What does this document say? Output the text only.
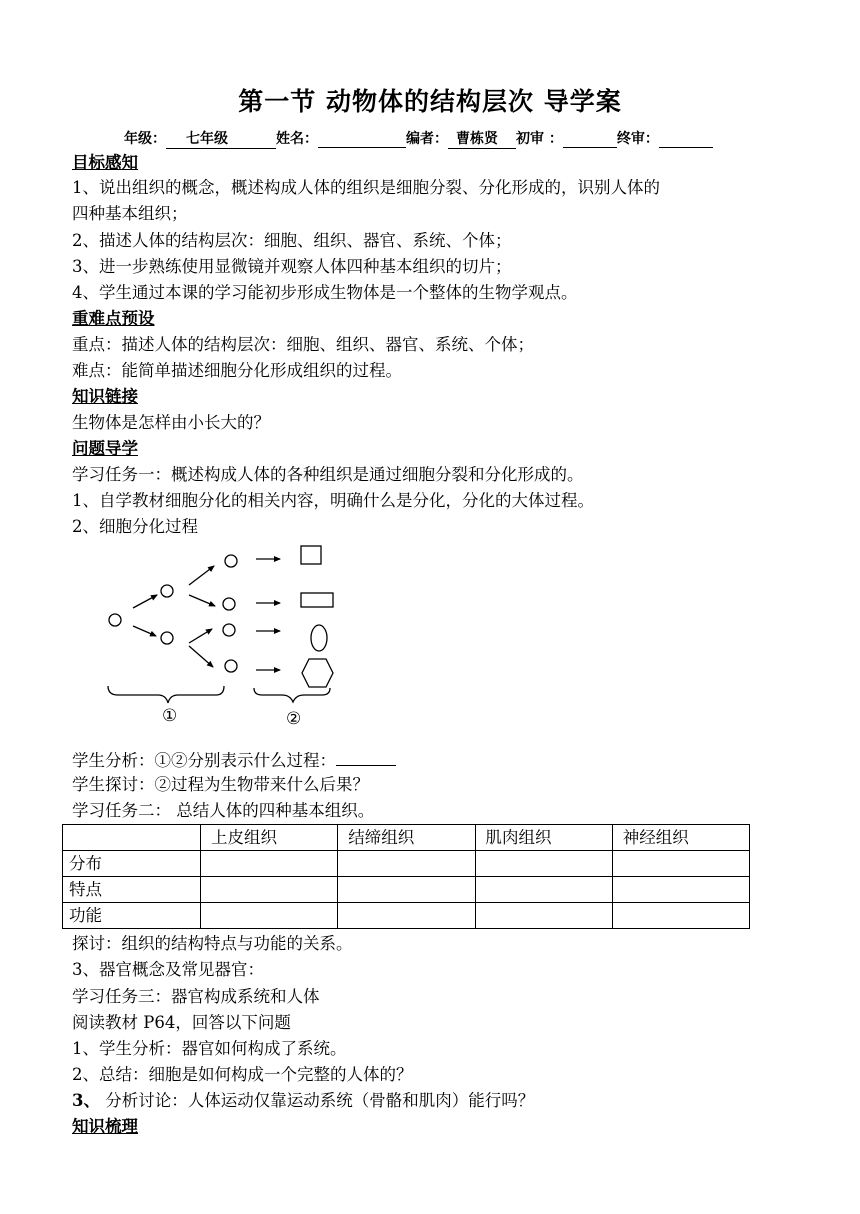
第一节 动物体的结构层次 导学案
年级： 七年级	姓名：	编者： 曹栋贤 初审 ：	终审：
目标感知
1、说出组织的概念，概述构成人体的组织是细胞分裂、分化形成的，识别人体的
四种基本组织；
2、描述人体的结构层次：细胞、组织、器官、系统、个体；
3、进一步熟练使用显微镜并观察人体四种基本组织的切片；
4、学生通过本课的学习能初步形成生物体是一个整体的生物学观点。
重难点预设
重点：描述人体的结构层次：细胞、组织、器官、系统、个体；
难点：能简单描述细胞分化形成组织的过程。
知识链接
生物体是怎样由小长大的？
问题导学
学习任务一：概述构成人体的各种组织是通过细胞分裂和分化形成的。
1、自学教材细胞分化的相关内容，明确什么是分化，分化的大体过程。
2、细胞分化过程
①	②
学生分析：①②分别表示什么过程：
学生探讨：②过程为生物带来什么后果？
学习任务二： 总结人体的四种基本组织。
	上皮组织	结缔组织	肌肉组织	神经组织
分布				
特点				
功能				
探讨：组织的结构特点与功能的关系。
3、器官概念及常见器官：
学习任务三：器官构成系统和人体
阅读教材 P64，回答以下问题
1、学生分析：器官如何构成了系统。
2、总结：细胞是如何构成一个完整的人体的？
3、 分析讨论：人体运动仅靠运动系统（骨骼和肌肉）能行吗？
知识梳理
